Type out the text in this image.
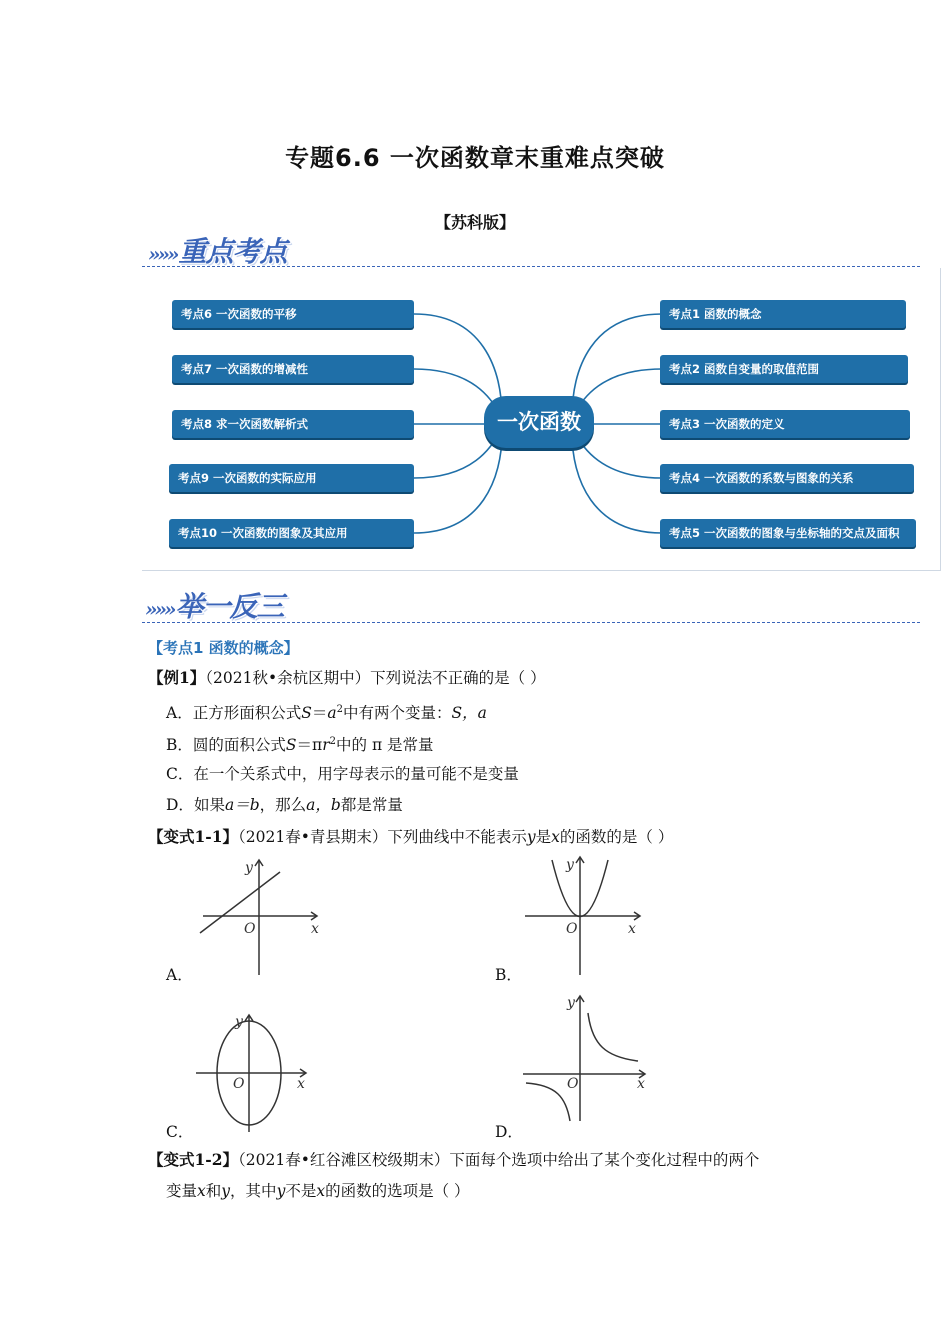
专题6.6 一次函数章末重难点突破
【苏科版】
»»»重点考点
一次函数
考点6 一次函数的平移
考点7 一次函数的增减性
考点8 求一次函数解析式
考点9 一次函数的实际应用
考点10 一次函数的图象及其应用
考点1 函数的概念
考点2 函数自变量的取值范围
考点3 一次函数的定义
考点4 一次函数的系数与图象的关系
考点5 一次函数的图象与坐标轴的交点及面积
»»»举一反三
【考点1 函数的概念】
【例1】（2021秋•余杭区期中）下列说法不正确的是（ ）
A．正方形面积公式$S=a^2$中有两个变量：S，a
B．圆的面积公式$S=\pi r^2$中的 π 是常量
C．在一个关系式中，用字母表示的量可能不是变量
D．如果a＝b，那么a，b都是常量
【变式1-1】（2021春•青县期末）下列曲线中不能表示y是x的函数的是（ ）
x
y
O
A．
x
y
O
B．
x
y
O
C．
x
y
O
D．
【变式1-2】（2021春•红谷滩区校级期末）下面每个选项中给出了某个变化过程中的两个
变量x和y，其中y不是x的函数的选项是（ ）
